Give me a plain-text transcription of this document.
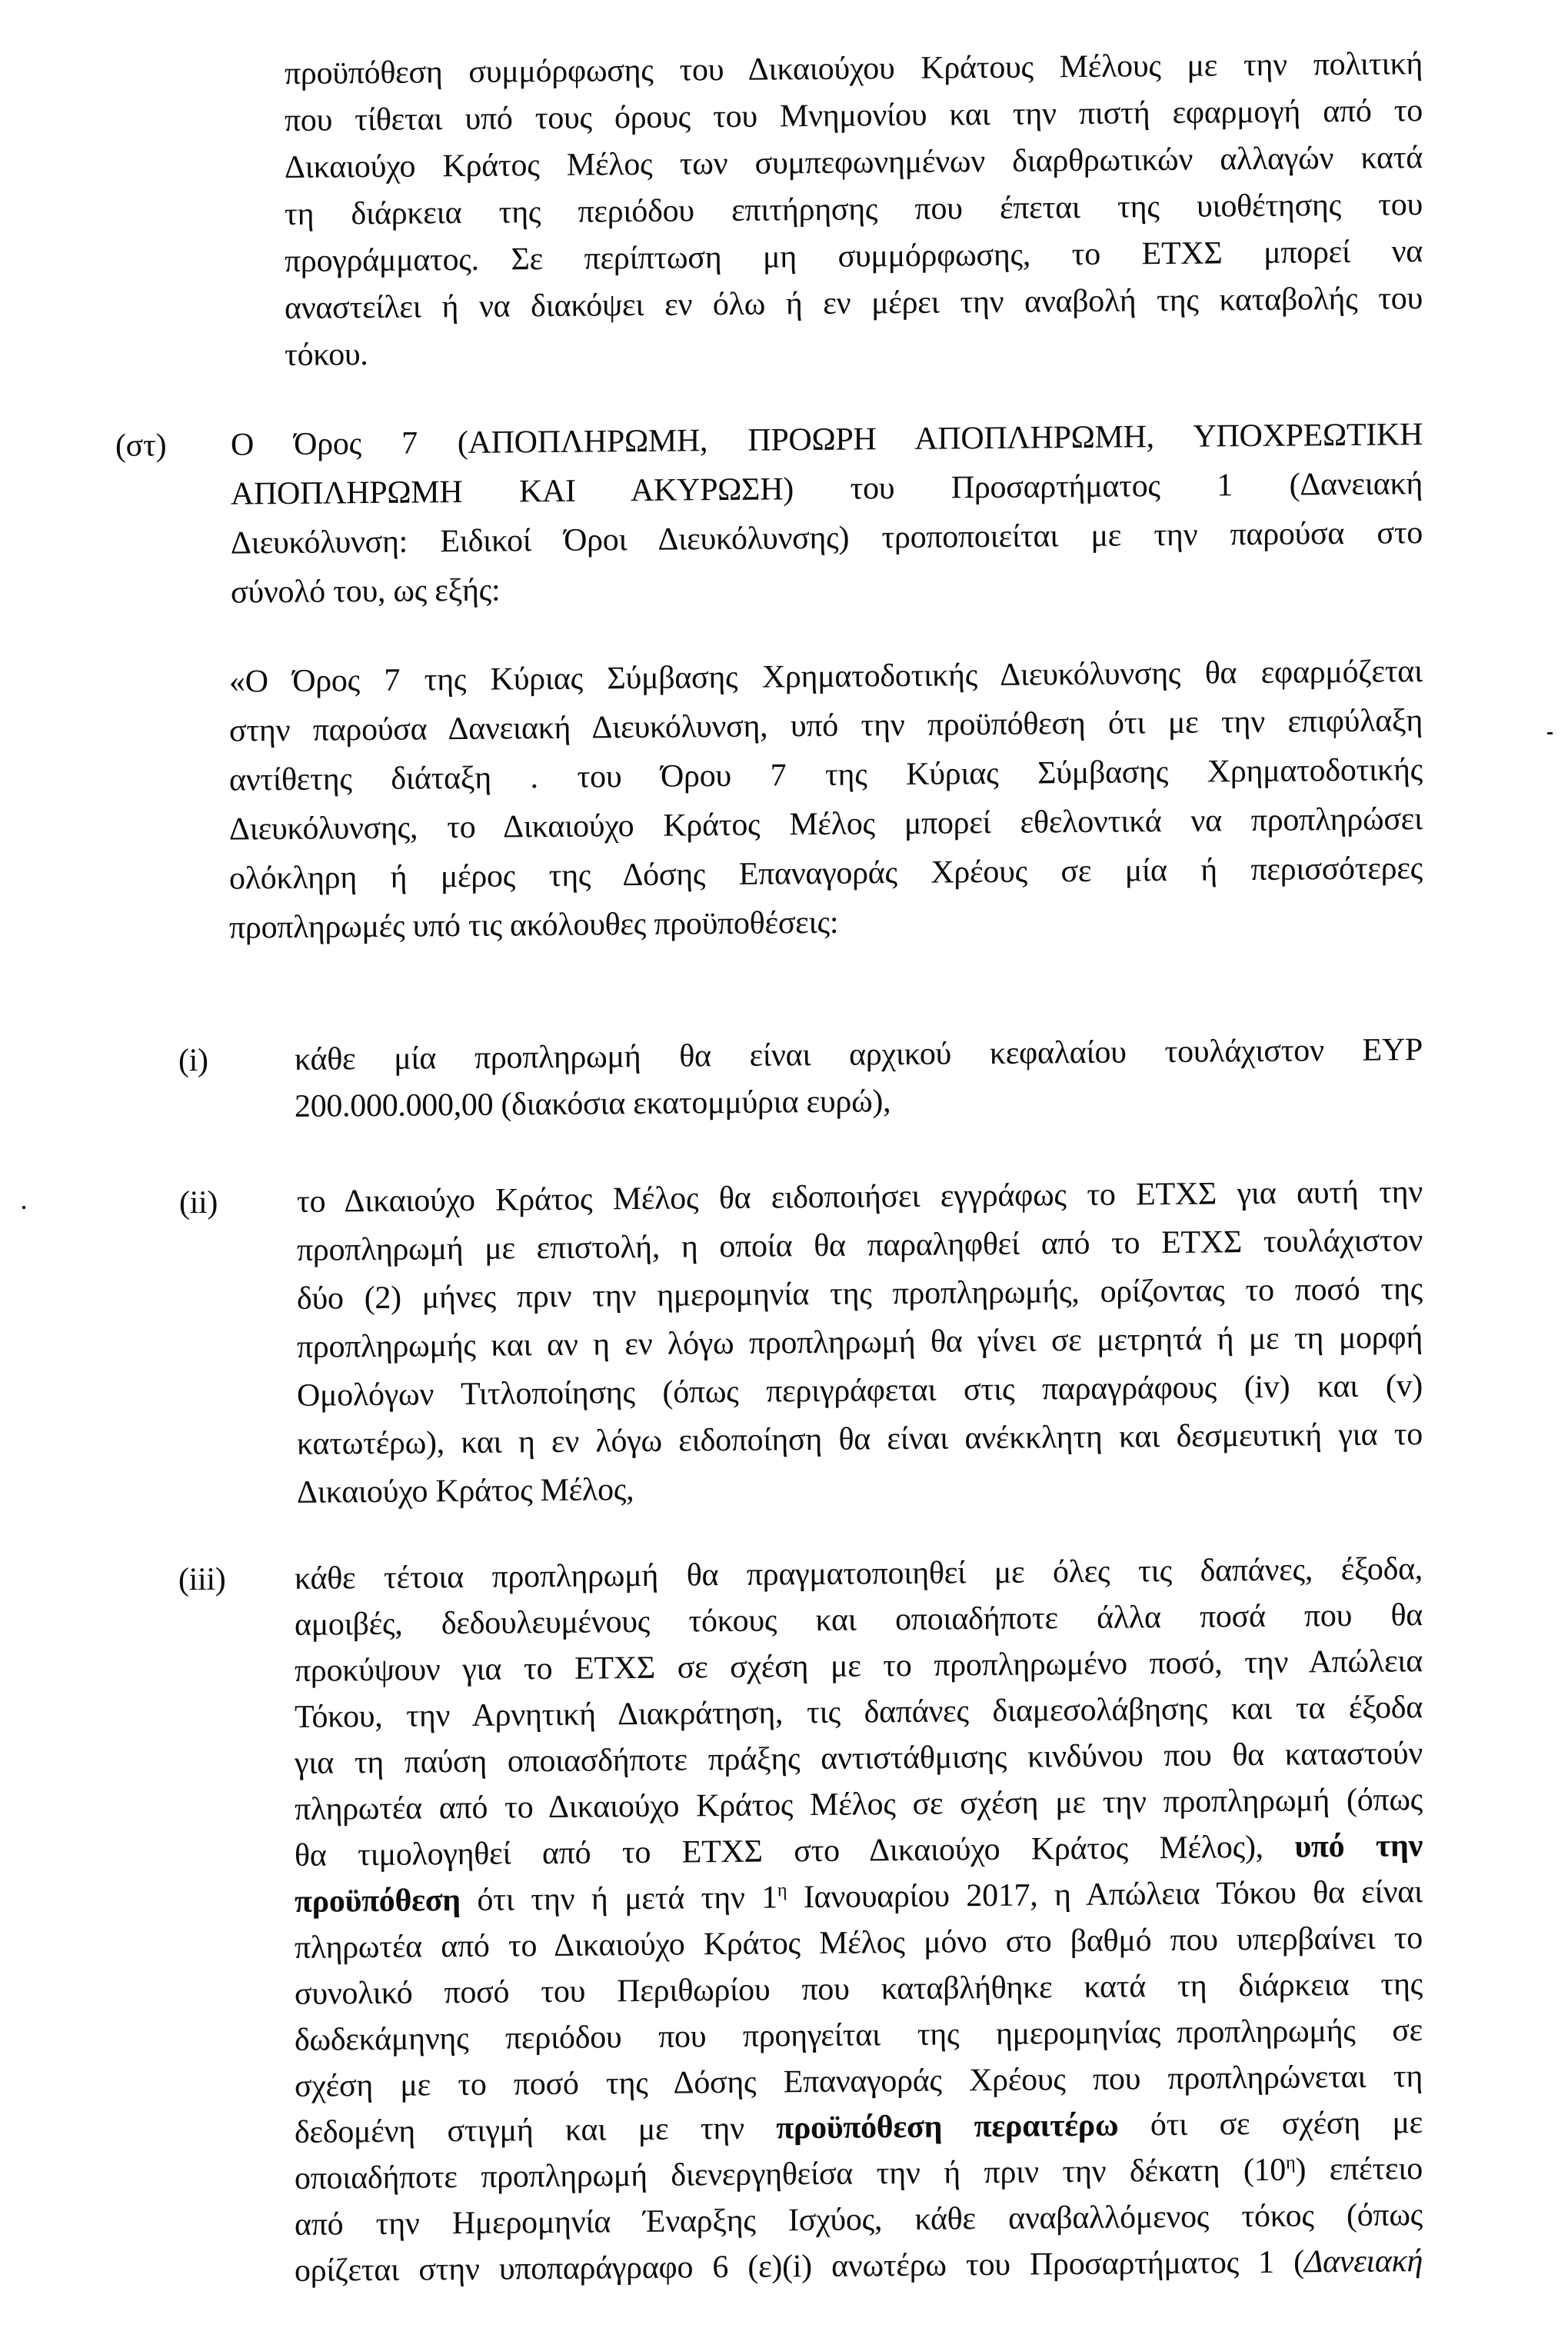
προϋπόθεση συμμόρφωσης του Δικαιούχου Κράτους Μέλους με την πολιτική
που τίθεται υπό τους όρους του Μνημονίου και την πιστή εφαρμογή από το
Δικαιούχο Κράτος Μέλος των συμπεφωνημένων διαρθρωτικών αλλαγών κατά
τη διάρκεια της περιόδου επιτήρησης που έπεται της υιοθέτησης του
προγράμματος. Σε περίπτωση μη συμμόρφωσης, το ΕΤΧΣ μπορεί να
αναστείλει ή να διακόψει εν όλω ή εν μέρει την αναβολή της καταβολής του
τόκου.
(στ) Ο Όρος 7 (ΑΠΟΠΛΗΡΩΜΗ, ΠΡΟΩΡΗ ΑΠΟΠΛΗΡΩΜΗ, ΥΠΟΧΡΕΩΤΙΚΗ
ΑΠΟΠΛΗΡΩΜΗ ΚΑΙ ΑΚΥΡΩΣΗ) του Προσαρτήματος 1 (Δανειακή
Διευκόλυνση: Ειδικοί Όροι Διευκόλυνσης) τροποποιείται με την παρούσα στο
σύνολό του, ως εξής:
«Ο Όρος 7 της Κύριας Σύμβασης Χρηματοδοτικής Διευκόλυνσης θα εφαρμόζεται
στην παρούσα Δανειακή Διευκόλυνση, υπό την προϋπόθεση ότι με την επιφύλαξη
αντίθετης διάταξη . του Όρου 7 της Κύριας Σύμβασης Χρηματοδοτικής
Διευκόλυνσης, το Δικαιούχο Κράτος Μέλος μπορεί εθελοντικά να προπληρώσει
ολόκληρη ή μέρος της Δόσης Επαναγοράς Χρέους σε μία ή περισσότερες
προπληρωμές υπό τις ακόλουθες προϋποθέσεις:
(i)	κάθε μία προπληρωμή θα είναι αρχικού κεφαλαίου τουλάχιστον ΕΥΡ
200.000.000,00 (διακόσια εκατομμύρια ευρώ),
(ii) το Δικαιούχο Κράτος Μέλος θα ειδοποιήσει εγγράφως το ΕΤΧΣ για αυτή την
προπληρωμή με επιστολή, η οποία θα παραληφθεί από το ΕΤΧΣ τουλάχιστον
δύο (2) μήνες πριν την ημερομηνία της προπληρωμής, ορίζοντας το ποσό της
προπληρωμής και αν η εν λόγω προπληρωμή θα γίνει σε μετρητά ή με τη μορφή
Ομολόγων Τιτλοποίησης (όπως περιγράφεται στις παραγράφους (iv) και (v)
κατωτέρω), και η εν λόγω ειδοποίηση θα είναι ανέκκλητη και δεσμευτική για το
Δικαιούχο Κράτος Μέλος,
(iii) κάθε τέτοια προπληρωμή θα πραγματοποιηθεί με όλες τις δαπάνες, έξοδα,
αμοιβές, δεδουλευμένους τόκους και οποιαδήποτε άλλα ποσά που θα
προκύψουν για το ΕΤΧΣ σε σχέση με το προπληρωμένο ποσό, την Απώλεια
Τόκου, την Αρνητική Διακράτηση, τις δαπάνες διαμεσολάβησης και τα έξοδα
για τη παύση οποιασδήποτε πράξης αντιστάθμισης κινδύνου που θα καταστούν
πληρωτέα από το Δικαιούχο Κράτος Μέλος σε σχέση με την προπληρωμή (όπως
θα τιμολογηθεί από το ΕΤΧΣ στο Δικαιούχο Κράτος Μέλος), υπό την
προϋπόθεση ότι την ή μετά την $1^\eta$ Ιανουαρίου 2017, η Απώλεια Τόκου θα είναι
πληρωτέα από το Δικαιούχο Κράτος Μέλος μόνο στο βαθμό που υπερβαίνει το
συνολικό ποσό του Περιθωρίου που καταβλήθηκε κατά τη διάρκεια της
δωδεκάμηνης περιόδου που προηγείται της ημερομηνίας προπληρωμής σε
σχέση με το ποσό της Δόσης Επαναγοράς Χρέους που προπληρώνεται τη
δεδομένη στιγμή και με την προϋπόθεση περαιτέρω ότι σε σχέση με
οποιαδήποτε προπληρωμή διενεργηθείσα την ή πριν την δέκατη $(10^\eta)$ επέτειο
από την Ημερομηνία Έναρξης Ισχύος, κάθε αναβαλλόμενος τόκος (όπως
ορίζεται στην υποπαράγραφο 6 (ε)(i) ανωτέρω του Προσαρτήματος 1 (Δανειακή
